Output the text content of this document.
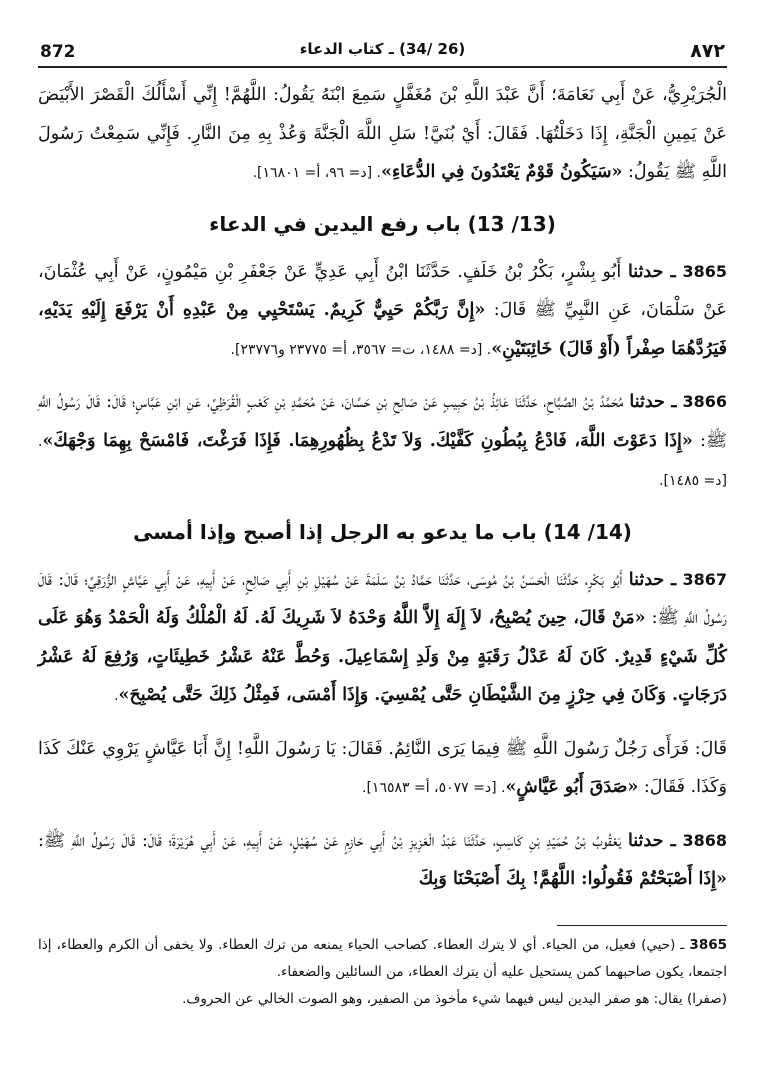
872	(26 /34) ـ كتاب الدعاء	٨٧٢

الْجُرَيْرِيُّ، عَنْ أَبِي نَعَامَةَ؛ أَنَّ عَبْدَ اللَّهِ بْنَ مُغَفَّلٍ سَمِعَ ابْنَهُ يَقُولُ: اللَّهُمَّ! إِنِّي أَسْأَلُكَ الْقَصْرَ الأَبْيَضَ عَنْ يَمِينِ الْجَنَّةِ، إِذَا دَخَلْتُهَا. فَقَالَ: أَيْ بُنَيَّ! سَلِ اللَّهَ الْجَنَّةَ وَعُذْ بِهِ مِنَ النَّارِ. فَإِنِّي سَمِعْتُ رَسُولَ اللَّهِ ﷺ يَقُولُ: «سَيَكُونُ قَوْمٌ يَعْتَدُونَ فِي الدُّعَاءِ». [د= ٩٦، أ= ١٦٨٠١].

(13/ 13) باب رفع اليدين في الدعاء

3865 ـ حدثنا أَبُو بِشْرٍ، بَكْرُ بْنُ خَلَفٍ. حَدَّثَنَا ابْنُ أَبِي عَدِيٍّ عَنْ جَعْفَرِ بْنِ مَيْمُونٍ، عَنْ أَبِي عُثْمَانَ، عَنْ سَلْمَانَ، عَنِ النَّبِيِّ ﷺ قَالَ: «إِنَّ رَبَّكُمْ حَيِيٌّ كَرِيمٌ. يَسْتَحْيِي مِنْ عَبْدِهِ أَنْ يَرْفَعَ إِلَيْهِ يَدَيْهِ، فَيَرُدَّهُمَا صِفْراً (أَوْ قَالَ) خَائِبَتَيْنِ». [د= ١٤٨٨، ت= ٣٥٦٧، أ= ٢٣٧٧٥ و٢٣٧٧٦].

3866 ـ حدثنا مُحَمَّدُ بْنُ الصَّبَّاحِ، حَدَّثَنَا عَائِذُ بْنُ حَبِيبٍ عَنْ صَالِحِ بْنِ حَسَّانَ، عَنْ مُحَمَّدِ بْنِ كَعْبٍ الْقُرَظِيِّ، عَنِ ابْنِ عَبَّاسٍ؛ قَالَ: قَالَ رَسُولُ اللَّهِ ﷺ: «إِذَا دَعَوْتَ اللَّهَ، فَادْعُ بِبُطُونِ كَفَّيْكَ. وَلاَ تَدْعُ بِظُهُورِهِمَا. فَإِذَا فَرَغْتَ، فَامْسَحْ بِهِمَا وَجْهَكَ». [د= ١٤٨٥].

(14/ 14) باب ما يدعو به الرجل إذا أصبح وإذا أمسى

3867 ـ حدثنا أَبُو بَكْرٍ، حَدَّثَنَا الْحَسَنُ بْنُ مُوسَى، حَدَّثَنَا حَمَّادُ بْنُ سَلَمَةَ عَنْ سُهَيْلِ بْنِ أَبِي صَالِحٍ، عَنْ أَبِيهِ، عَنْ أَبِي عَيَّاشٍ الزُّرَقِيِّ؛ قَالَ: قَالَ رَسُولُ اللَّهِ ﷺ: «مَنْ قَالَ، حِينَ يُصْبِحُ، لاَ إِلَهَ إِلاَّ اللَّهُ وَحْدَهُ لاَ شَرِيكَ لَهُ. لَهُ الْمُلْكُ وَلَهُ الْحَمْدُ وَهُوَ عَلَى كُلِّ شَيْءٍ قَدِيرٌ. كَانَ لَهُ عَدْلُ رَقَبَةٍ مِنْ وَلَدِ إِسْمَاعِيلَ. وَحُطَّ عَنْهُ عَشْرُ خَطِيئَاتٍ، وَرُفِعَ لَهُ عَشْرُ دَرَجَاتٍ. وَكَانَ فِي حِرْزٍ مِنَ الشَّيْطَانِ حَتَّى يُمْسِيَ. وَإِذَا أَمْسَى، فَمِثْلُ ذَلِكَ حَتَّى يُصْبِحَ».

قَالَ: فَرَأَى رَجُلٌ رَسُولَ اللَّهِ ﷺ فِيمَا يَرَى النَّائِمُ. فَقَالَ: يَا رَسُولَ اللَّهِ! إِنَّ أَبَا عَيَّاشٍ يَرْوِي عَنْكَ كَذَا وَكَذَا. فَقَالَ: «صَدَقَ أَبُو عَيَّاشٍ». [د= ٥٠٧٧، أ= ١٦٥٨٣].

3868 ـ حدثنا يَعْقُوبُ بْنُ حُمَيْدِ بْنِ كَاسِبٍ، حَدَّثَنَا عَبْدُ الْعَزِيزِ بْنُ أَبِي حَازِمٍ عَنْ سُهَيْلٍ، عَنْ أَبِيهِ، عَنْ أَبِي هُرَيْرَةَ؛ قَالَ: قَالَ رَسُولُ اللَّهِ ﷺ: «إِذَا أَصْبَحْتُمْ فَقُولُوا: اللَّهُمَّ! بِكَ أَصْبَحْنَا وَبِكَ

3865 ـ (حيي) فعيل، من الحياء. أي لا يترك العطاء. كصاحب الحياء يمنعه من ترك العطاء. ولا يخفى أن الكرم والعطاء، إذا اجتمعا، يكون صاحبهما كمن يستحيل عليه أن يترك العطاء، من السائلين والضعفاء.

(صفرا) يقال: هو صفر اليدين ليس فيهما شيء مأخوذ من الصفير، وهو الصوت الخالي عن الحروف.
